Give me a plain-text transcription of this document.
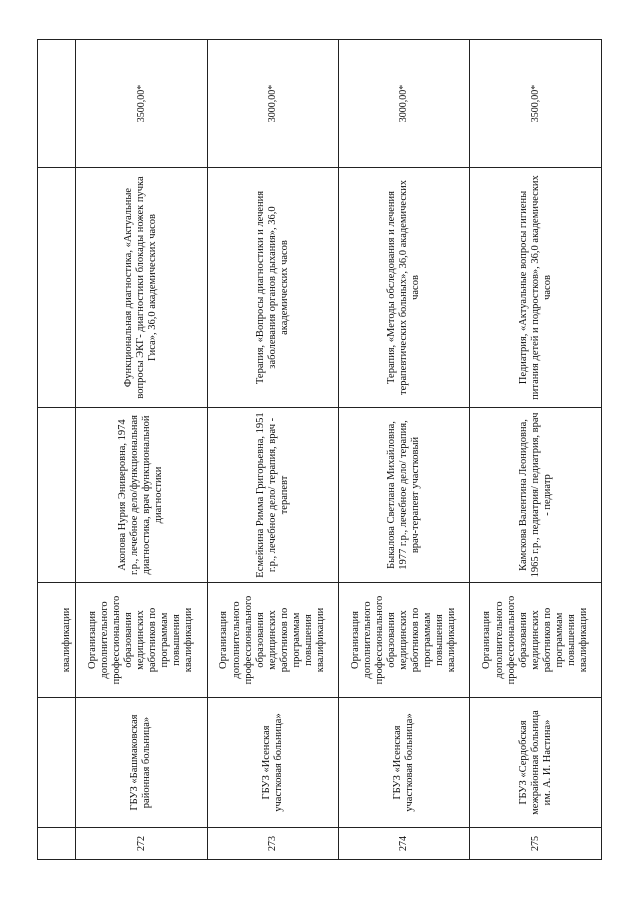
		квалификации			
272	ГБУЗ «Башмаковская районная больница»	Организация дополнительного профессионального образования медицинских работников по программам повышения квалификации	Акопова Нурия Эниверовна, 1974 г.р., лечебное дело/функциональная диагностика, врач функциональной диагностики	Функциональная диагностика, «Актуальные вопросы ЭКГ- диагностики блокады ножек пучка Гиса», 36,0 академических часов	3500,00*
273	ГБУЗ «Исенская участковая больница»	Организация дополнительного профессионального образования медицинских работников по программам повышения квалификации	Есмейкина Римма Григорьевна, 1951 г.р., лечебное дело/ терапия, врач - терапевт	Терапия, «Вопросы диагностики и лечения заболевания органов дыхания», 36,0 академических часов	3000,00*
274	ГБУЗ «Исенская участковая больница»	Организация дополнительного профессионального образования медицинских работников по программам повышения квалификации	Быкалова Светлана Михайловна, 1977 г.р., лечебное дело/ терапия, врач-терапевт участковый	Терапия, «Методы обследования и лечения терапевтических больных», 36,0 академических часов	3000,00*
275	ГБУЗ «Сердобская межрайонная больница им. А. И. Настина»	Организация дополнительного профессионального образования медицинских работников по программам повышения квалификации	Камскова Валентина Леонидовна, 1965 г.р., педиатрия/ педиатрия, врач - педиатр	Педиатрия, «Актуальные вопросы гигиены питания детей и подростков», 36,0 академических часов	3500,00*
